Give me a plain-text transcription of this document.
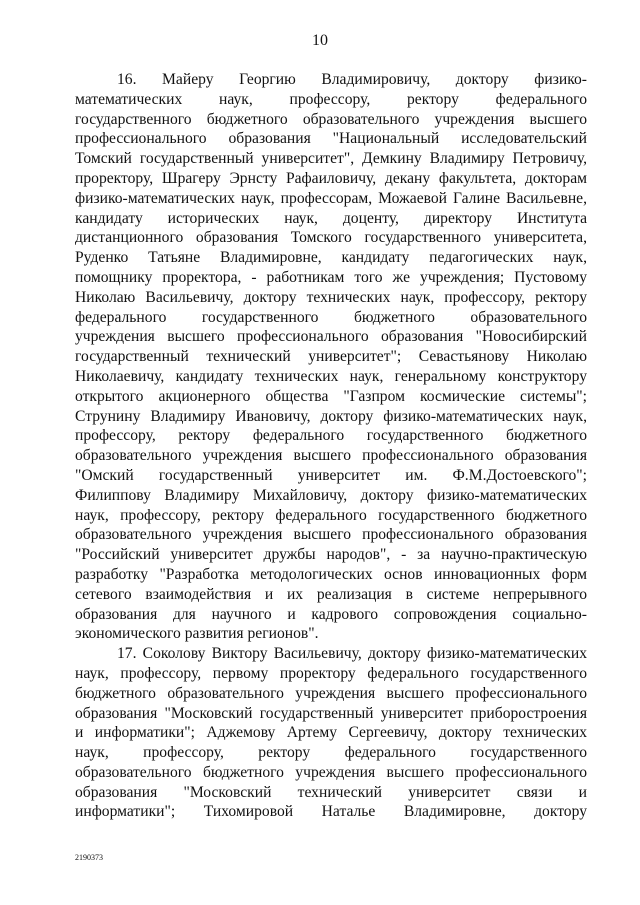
10
16. Майеру Георгию Владимировичу, доктору физико-
математических наук, профессору, ректору федерального
государственного бюджетного образовательного учреждения высшего
профессионального образования "Национальный исследовательский
Томский государственный университет", Демкину Владимиру Петровичу,
проректору, Шрагеру Эрнсту Рафаиловичу, декану факультета, докторам
физико-математических наук, профессорам, Можаевой Галине Васильевне,
кандидату исторических наук, доценту, директору Института
дистанционного образования Томского государственного университета,
Руденко Татьяне Владимировне, кандидату педагогических наук,
помощнику проректора, - работникам того же учреждения; Пустовому
Николаю Васильевичу, доктору технических наук, профессору, ректору
федерального государственного бюджетного образовательного
учреждения высшего профессионального образования "Новосибирский
государственный технический университет"; Севастьянову Николаю
Николаевичу, кандидату технических наук, генеральному конструктору
открытого акционерного общества "Газпром космические системы";
Струнину Владимиру Ивановичу, доктору физико-математических наук,
профессору, ректору федерального государственного бюджетного
образовательного учреждения высшего профессионального образования
"Омский государственный университет им. Ф.М.Достоевского";
Филиппову Владимиру Михайловичу, доктору физико-математических
наук, профессору, ректору федерального государственного бюджетного
образовательного учреждения высшего профессионального образования
"Российский университет дружбы народов", - за научно-практическую
разработку "Разработка методологических основ инновационных форм
сетевого взаимодействия и их реализация в системе непрерывного
образования для научного и кадрового сопровождения социально-
экономического развития регионов".
17. Соколову Виктору Васильевичу, доктору физико-математических
наук, профессору, первому проректору федерального государственного
бюджетного образовательного учреждения высшего профессионального
образования "Московский государственный университет приборостроения
и информатики"; Аджемову Артему Сергеевичу, доктору технических
наук, профессору, ректору федерального государственного
образовательного бюджетного учреждения высшего профессионального
образования "Московский технический университет связи и
информатики"; Тихомировой Наталье Владимировне, доктору
2190373
